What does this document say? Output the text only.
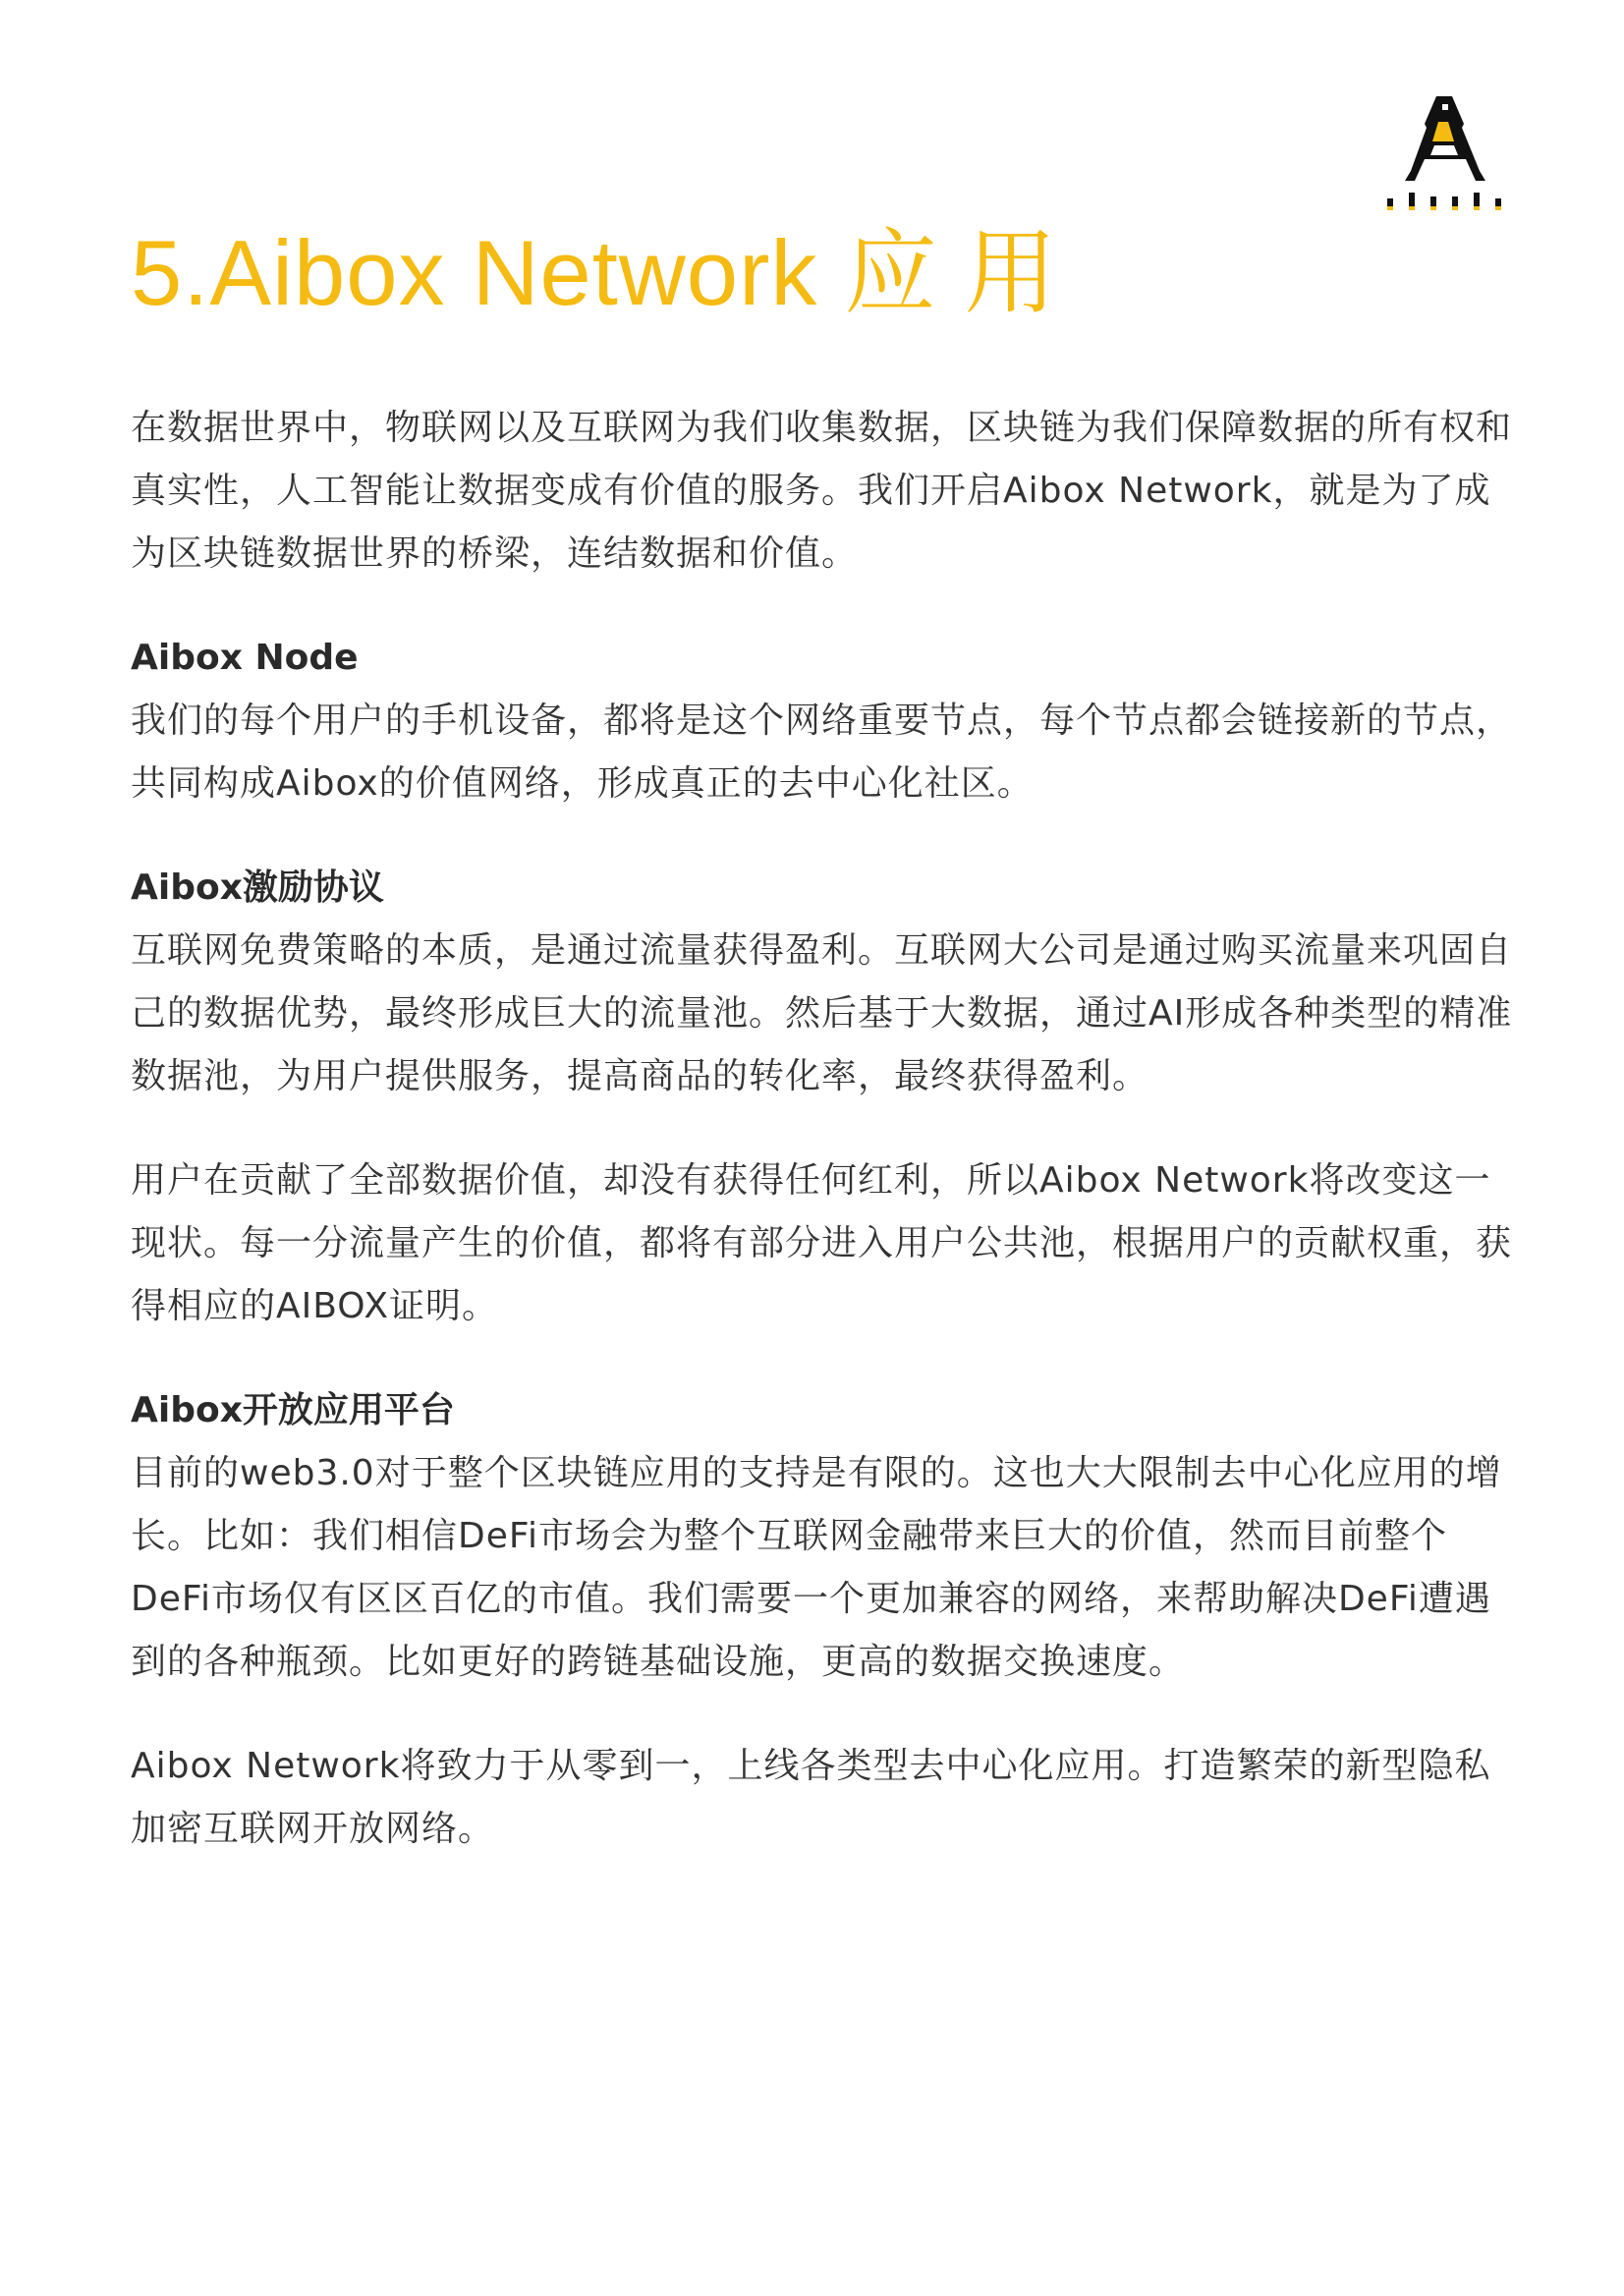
5.Aibox Network 应 用

在数据世界中，物联网以及互联网为我们收集数据，区块链为我们保障数据的所有权和真实性，人工智能让数据变成有价值的服务。我们开启Aibox Network，就是为了成为区块链数据世界的桥梁，连结数据和价值。

Aibox Node

我们的每个用户的手机设备，都将是这个网络重要节点，每个节点都会链接新的节点，共同构成Aibox的价值网络，形成真正的去中心化社区。

Aibox激励协议

互联网免费策略的本质，是通过流量获得盈利。互联网大公司是通过购买流量来巩固自己的数据优势，最终形成巨大的流量池。然后基于大数据，通过AI形成各种类型的精准数据池，为用户提供服务，提高商品的转化率，最终获得盈利。

用户在贡献了全部数据价值，却没有获得任何红利，所以Aibox Network将改变这一现状。每一分流量产生的价值，都将有部分进入用户公共池，根据用户的贡献权重，获得相应的AIBOX证明。

Aibox开放应用平台

目前的web3.0对于整个区块链应用的支持是有限的。这也大大限制去中心化应用的增长。比如：我们相信DeFi市场会为整个互联网金融带来巨大的价值，然而目前整个DeFi市场仅有区区百亿的市值。我们需要一个更加兼容的网络，来帮助解决DeFi遭遇到的各种瓶颈。比如更好的跨链基础设施，更高的数据交换速度。

Aibox Network将致力于从零到一，上线各类型去中心化应用。打造繁荣的新型隐私加密互联网开放网络。
